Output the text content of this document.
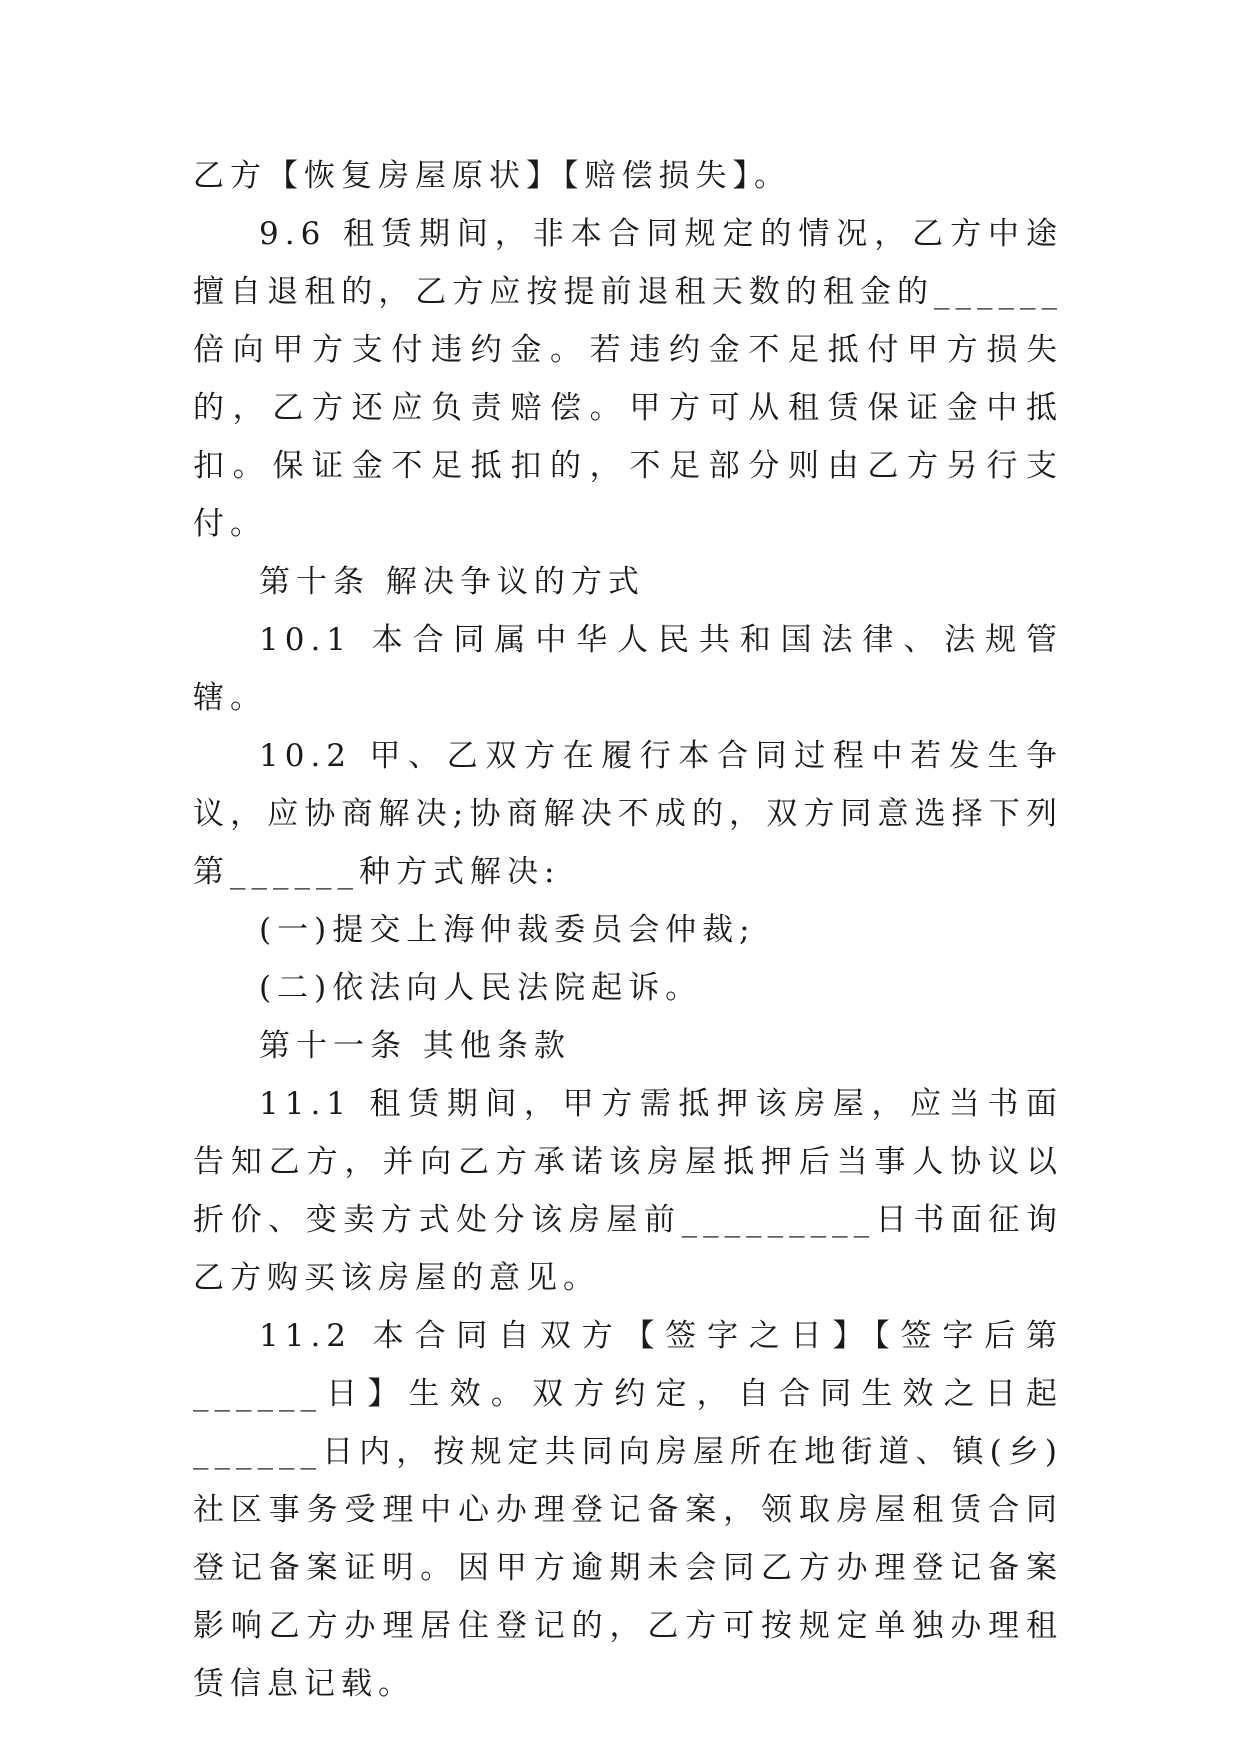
乙方【恢复房屋原状】【赔偿损失】。

9.6 租赁期间，非本合同规定的情况，乙方中途擅自退租的，乙方应按提前退租天数的租金的______倍向甲方支付违约金。若违约金不足抵付甲方损失的，乙方还应负责赔偿。甲方可从租赁保证金中抵扣。保证金不足抵扣的，不足部分则由乙方另行支付。

第十条 解决争议的方式

10.1 本合同属中华人民共和国法律、法规管辖。

10.2 甲、乙双方在履行本合同过程中若发生争议，应协商解决;协商解决不成的，双方同意选择下列第______种方式解决:

(一)提交上海仲裁委员会仲裁;

(二)依法向人民法院起诉。

第十一条 其他条款

11.1 租赁期间，甲方需抵押该房屋，应当书面告知乙方，并向乙方承诺该房屋抵押后当事人协议以折价、变卖方式处分该房屋前_________日书面征询乙方购买该房屋的意见。

11.2 本合同自双方【签字之日】【签字后第______日】生效。双方约定，自合同生效之日起______日内，按规定共同向房屋所在地街道、镇(乡)社区事务受理中心办理登记备案，领取房屋租赁合同登记备案证明。因甲方逾期未会同乙方办理登记备案影响乙方办理居住登记的，乙方可按规定单独办理租赁信息记载。
